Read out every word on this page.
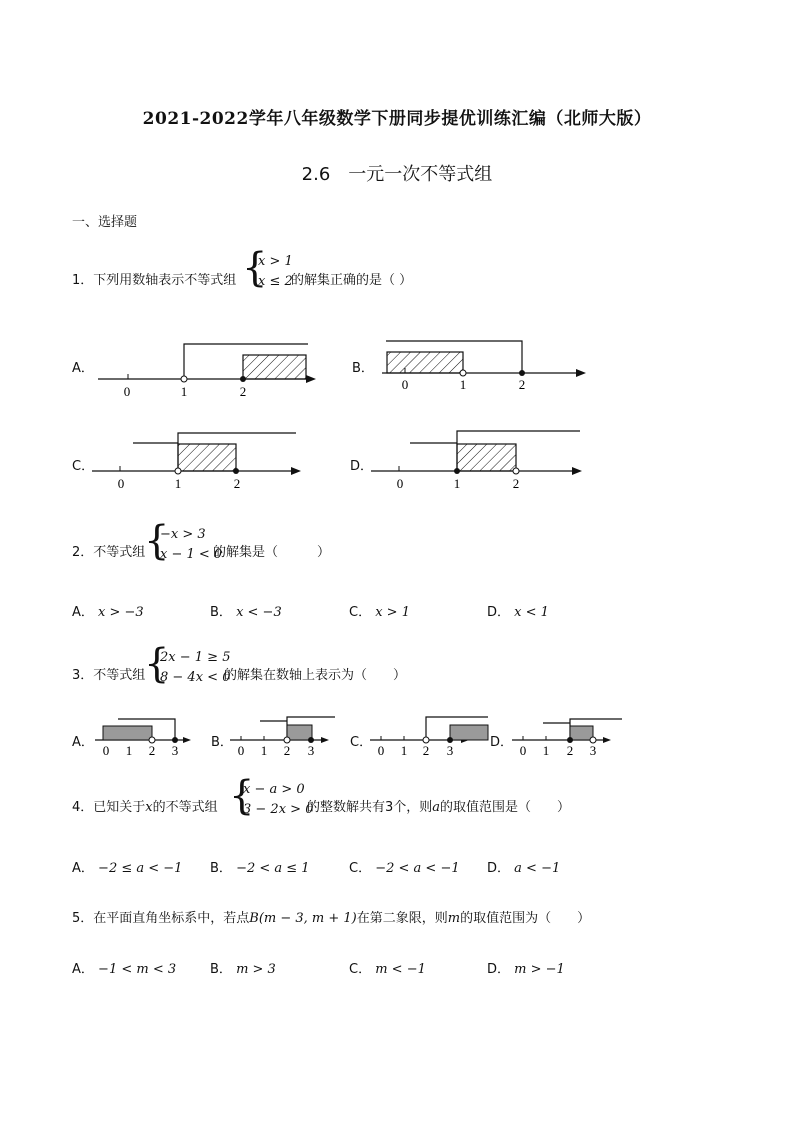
2021-2022学年八年级数学下册同步提优训练汇编（北师大版）
2.6　一元一次不等式组
一、选择题
1．下列用数轴表示不等式组 {
x > 1
x ≤ 2
的解集正确的是（ ）
A．	B．
C．	D．
0	1	2	0	1	2
0	1	2	0	1	2
0 1 2 3	0 1 2 3	0 1 2 3	0 1 2 3
2．不等式组
{
−x > 3
x − 1 < 0
的解集是（　　　）
A． x > −3	B． x < −3	C． x > 1	D． x < 1
3．不等式组
{
2x − 1 ≥ 5
8 − 4x < 0
的解集在数轴上表示为（　　）
A．	B．	C．	D．
4．已知关于x的不等式组 {
x − a > 0
3 − 2x > 0
的整数解共有3个，则a的取值范围是（　　）
A． −2 ≤ a < −1 B． −2 < a ≤ 1	C． −2 < a < −1 D． a < −1
5．在平面直角坐标系中，若点B(m − 3, m + 1)在第二象限，则m的取值范围为（　　）
A． −1 < m < 3	B． m > 3	C． m < −1	D． m > −1
